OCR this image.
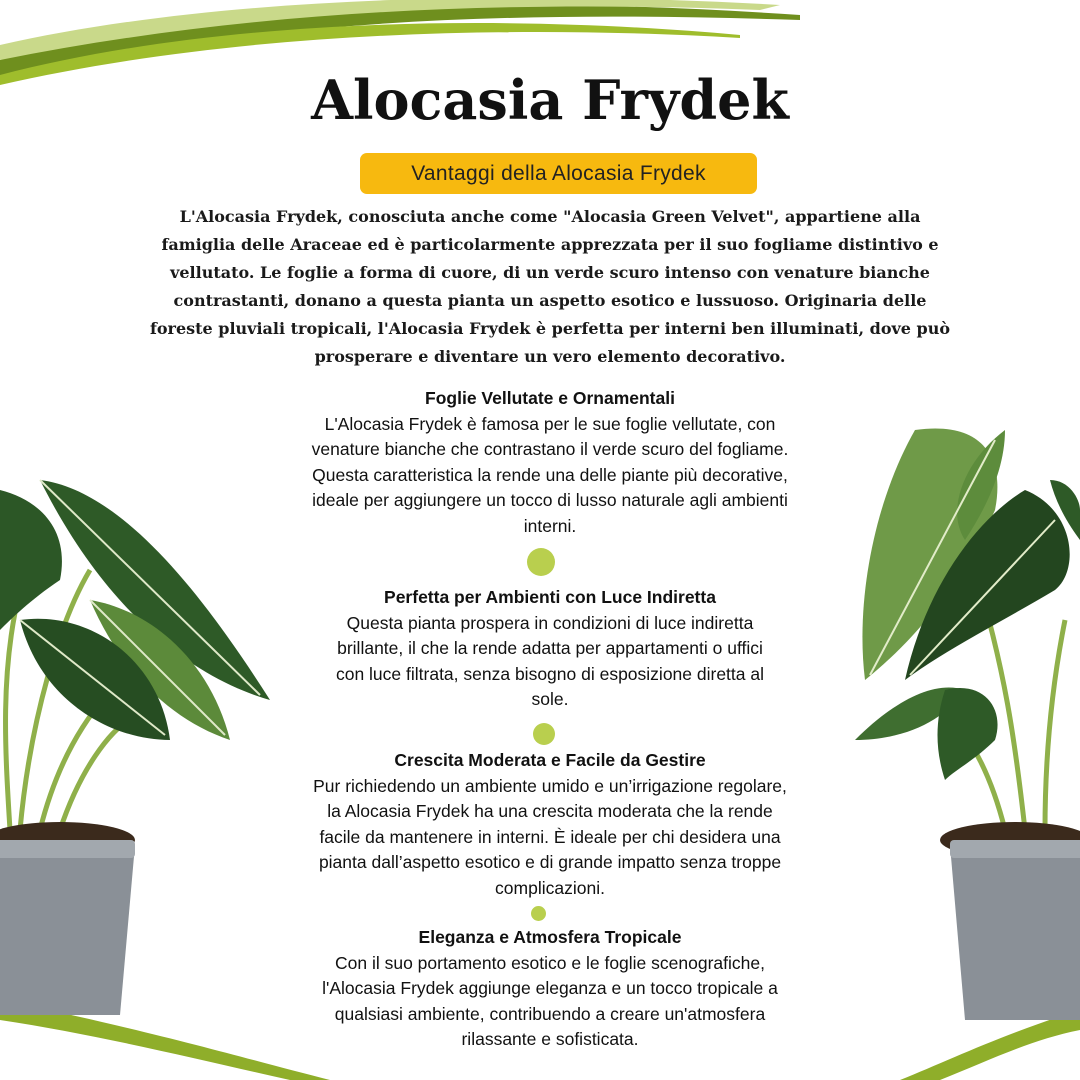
Alocasia Frydek
Vantaggi della Alocasia Frydek
L'Alocasia Frydek, conosciuta anche come "Alocasia Green Velvet", appartiene alla
famiglia delle Araceae ed è particolarmente apprezzata per il suo fogliame distintivo e
vellutato. Le foglie a forma di cuore, di un verde scuro intenso con venature bianche
contrastanti, donano a questa pianta un aspetto esotico e lussuoso. Originaria delle
foreste pluviali tropicali, l'Alocasia Frydek è perfetta per interni ben illuminati, dove può
prosperare e diventare un vero elemento decorativo.
Foglie Vellutate e Ornamentali
L'Alocasia Frydek è famosa per le sue foglie vellutate, con
venature bianche che contrastano il verde scuro del fogliame.
Questa caratteristica la rende una delle piante più decorative,
ideale per aggiungere un tocco di lusso naturale agli ambienti
interni.
Perfetta per Ambienti con Luce Indiretta
Questa pianta prospera in condizioni di luce indiretta
brillante, il che la rende adatta per appartamenti o uffici
con luce filtrata, senza bisogno di esposizione diretta al
sole.
Crescita Moderata e Facile da Gestire
Pur richiedendo un ambiente umido e un’irrigazione regolare,
la Alocasia Frydek ha una crescita moderata che la rende
facile da mantenere in interni. È ideale per chi desidera una
pianta dall’aspetto esotico e di grande impatto senza troppe
complicazioni.
Eleganza e Atmosfera Tropicale
Con il suo portamento esotico e le foglie scenografiche,
l'Alocasia Frydek aggiunge eleganza e un tocco tropicale a
qualsiasi ambiente, contribuendo a creare un'atmosfera
rilassante e sofisticata.
